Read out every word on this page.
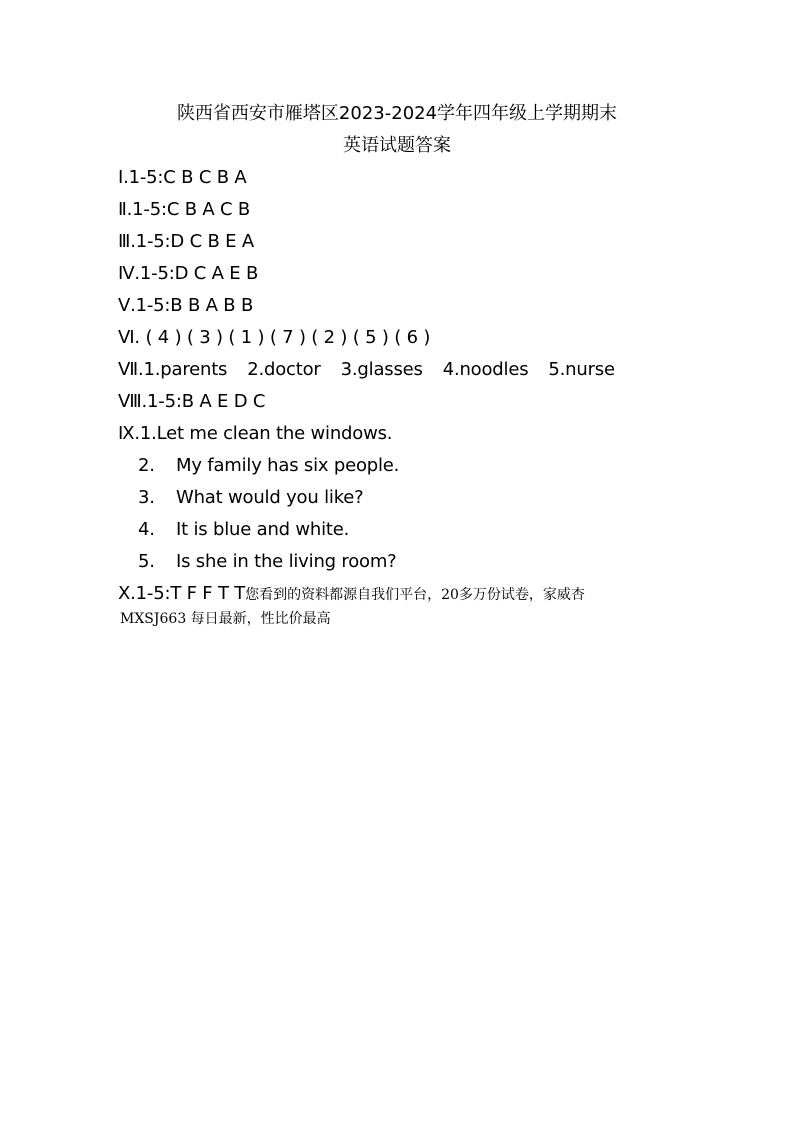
陕西省西安市雁塔区2023-2024学年四年级上学期期末
英语试题答案
Ⅰ.1-5:C B C B A
Ⅱ.1-5:C B A C B
Ⅲ.1-5:D C B E A
Ⅳ.1-5:D C A E B
Ⅴ.1-5:B B A B B
Ⅵ. ( 4 ) ( 3 ) ( 1 ) ( 7 ) ( 2 ) ( 5 ) ( 6 )
Ⅶ.1.parents 2.doctor 3.glasses 4.noodles 5.nurse
Ⅷ.1-5:B A E D C
Ⅸ.1.Let me clean the windows.
2. My family has six people.
3. What would you like?
4. It is blue and white.
5. Is she in the living room?
Ⅹ.1-5:T F F T T您看到的资料都源自我们平台，20多万份试卷，家威杏
MXSJ663 每日最新，性比价最高
